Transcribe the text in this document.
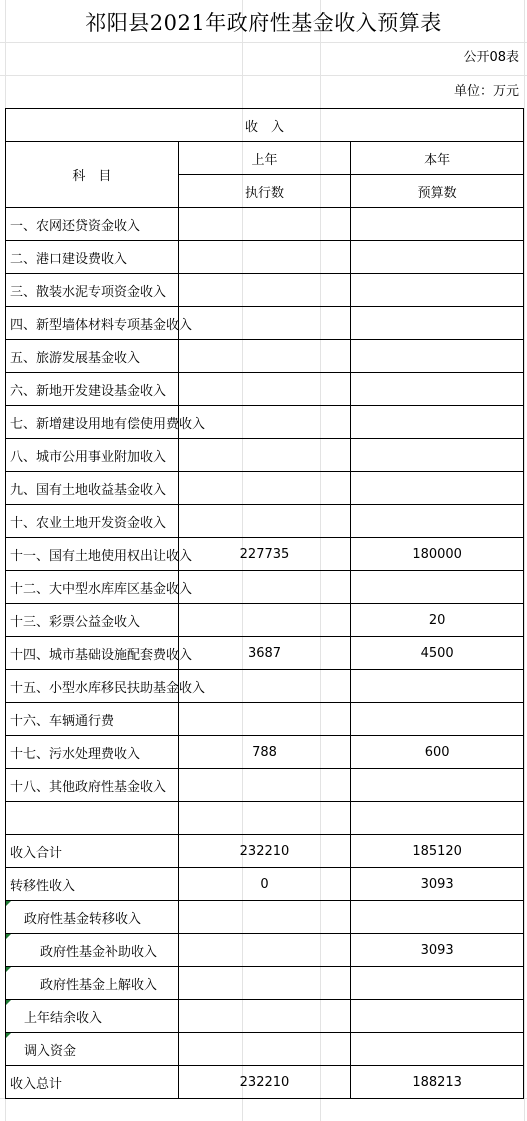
祁阳县2021年政府性基金收入预算表
公开08表
单位：万元
收　入		
科　目	上年	本年
	执行数	预算数
一、农网还贷资金收入		
二、港口建设费收入		
三、散装水泥专项资金收入		
四、新型墙体材料专项基金收入		
五、旅游发展基金收入		
六、新地开发建设基金收入		
七、新增建设用地有偿使用费收入		
八、城市公用事业附加收入		
九、国有土地收益基金收入		
十、农业土地开发资金收入		
十一、国有土地使用权出让收入	227735	180000
十二、大中型水库库区基金收入		
十三、彩票公益金收入		20
十四、城市基础设施配套费收入	3687	4500
十五、小型水库移民扶助基金收入		
十六、车辆通行费		
十七、污水处理费收入	788	600
十八、其他政府性基金收入		

收入合计	232210	185120
转移性收入	0	3093
政府性基金转移收入		
政府性基金补助收入		3093
政府性基金上解收入		
上年结余收入		
调入资金		
收入总计	232210	188213
